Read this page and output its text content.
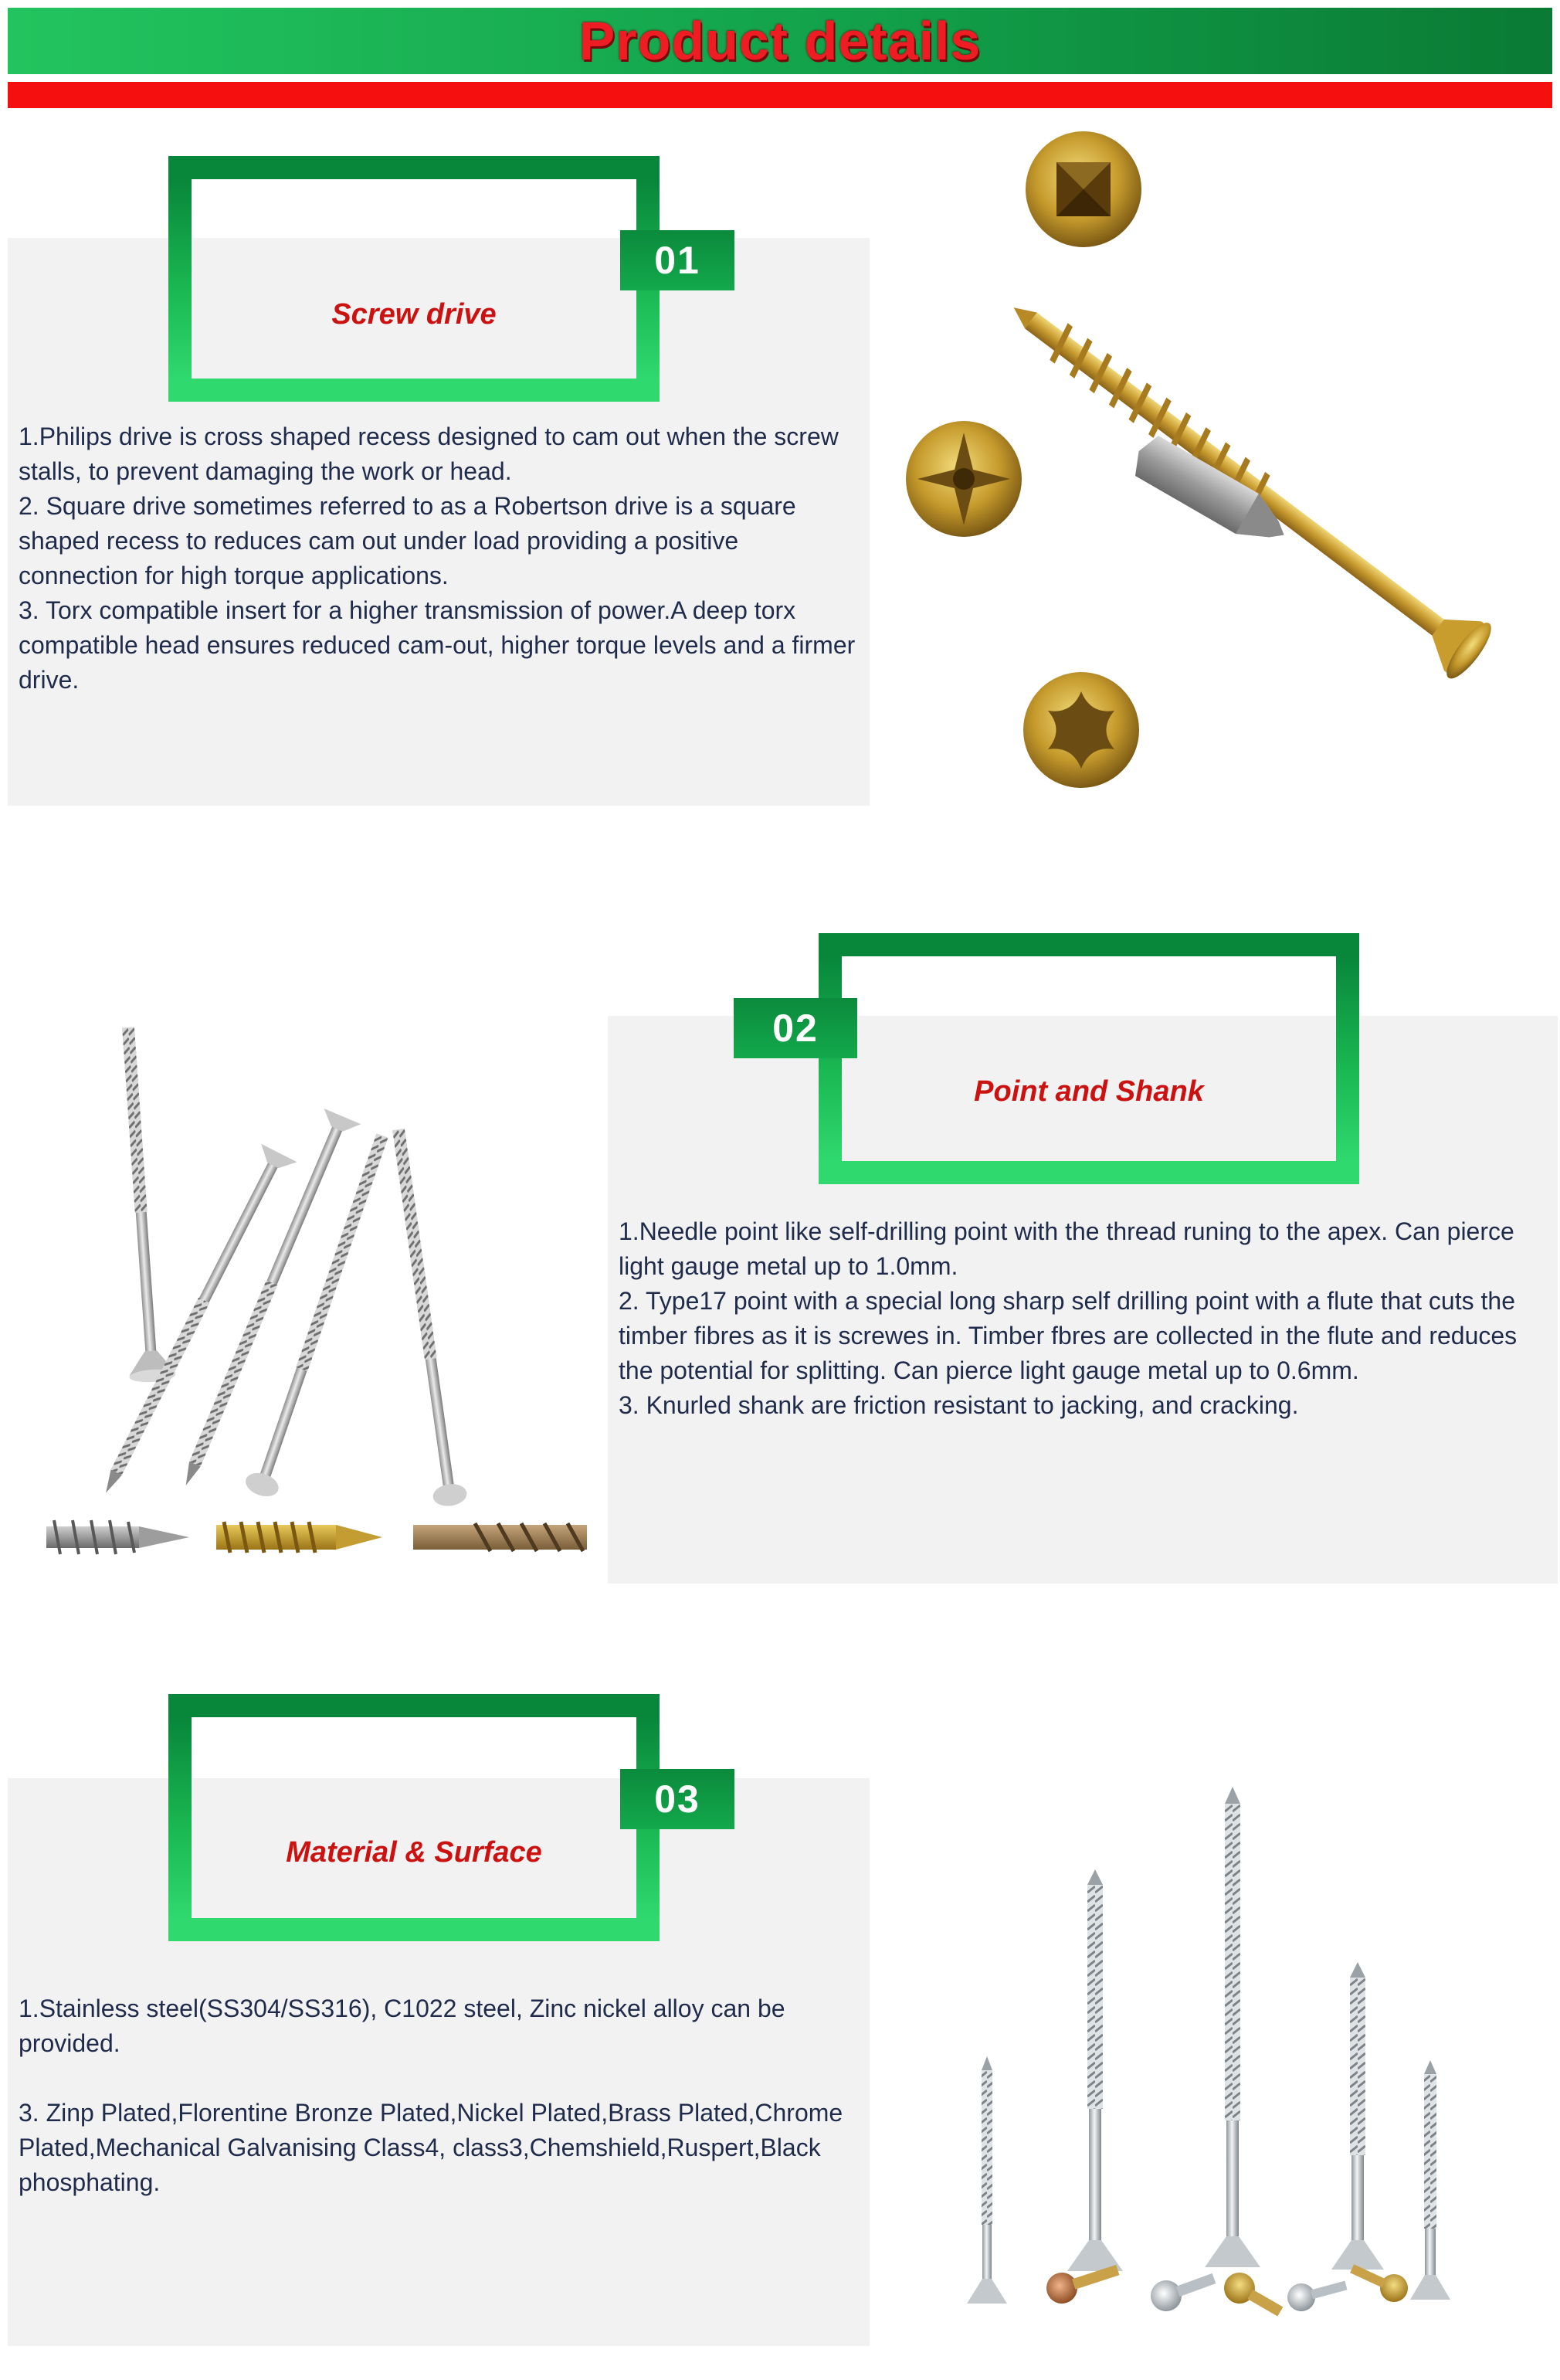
Product details
01
Screw drive
1.Philips drive is cross shaped recess designed to cam out when the screw stalls, to prevent damaging the work or head.
2. Square drive sometimes referred to as a Robertson drive is a square shaped recess to reduces cam out under load providing a positive connection for high torque applications.
3. Torx compatible insert for a higher transmission of power.A deep torx compatible head ensures reduced cam-out, higher torque levels and a firmer drive.
02
Point and Shank
1.Needle point like self-drilling point with the thread runing to the apex. Can pierce light gauge metal up to 1.0mm.
2. Type17 point with a special long sharp self drilling point with a flute that cuts the timber fibres as it is screwes in. Timber fbres are collected in the flute and reduces the potential for splitting. Can pierce light gauge metal up to 0.6mm.
3. Knurled shank are friction resistant to jacking, and cracking.
03
Material & Surface
1.Stainless steel(SS304/SS316), C1022 steel, Zinc nickel alloy can be provided.

3. Zinp Plated,Florentine Bronze Plated,Nickel Plated,Brass Plated,Chrome Plated,Mechanical Galvanising Class4, class3,Chemshield,Ruspert,Black phosphating.
